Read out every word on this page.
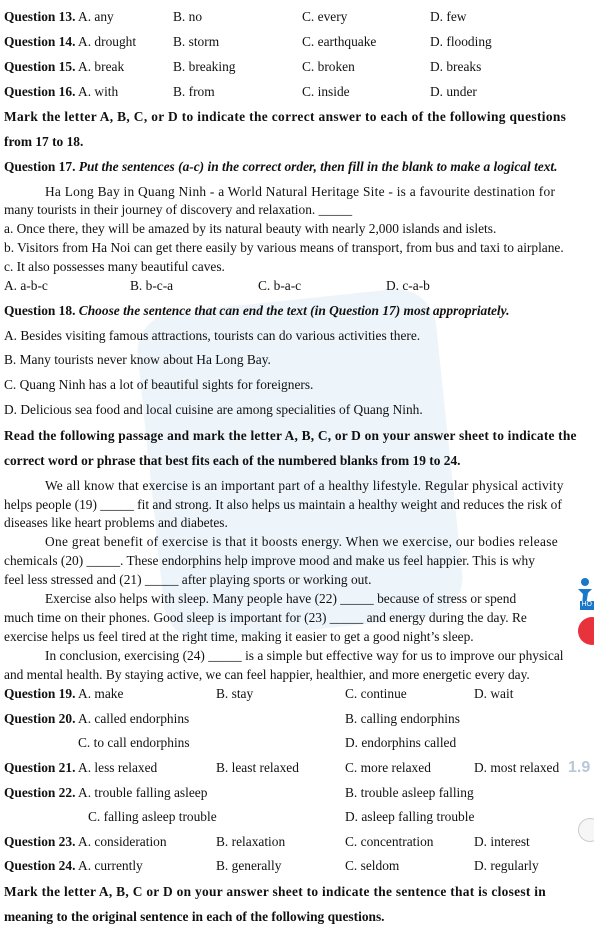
Question 13. A. any	B. no	C. every	D. few
Question 14. A. drought	B. storm	C. earthquake	D. flooding
Question 15. A. break	B. breaking	C. broken	D. breaks
Question 16. A. with	B. from	C. inside	D. under
Mark the letter A, B, C, or D to indicate the correct answer to each of the following questions
from 17 to 18.
Question 17. Put the sentences (a-c) in the correct order, then fill in the blank to make a logical text.
Ha Long Bay in Quang Ninh - a World Natural Heritage Site - is a favourite destination for
many tourists in their journey of discovery and relaxation. _____
a. Once there, they will be amazed by its natural beauty with nearly 2,000 islands and islets.
b. Visitors from Ha Noi can get there easily by various means of transport, from bus and taxi to airplane.
c. It also possesses many beautiful caves.
A. a-b-c	B. b-c-a	C. b-a-c	D. c-a-b
Question 18. Choose the sentence that can end the text (in Question 17) most appropriately.
A. Besides visiting famous attractions, tourists can do various activities there.
B. Many tourists never know about Ha Long Bay.
C. Quang Ninh has a lot of beautiful sights for foreigners.
D. Delicious sea food and local cuisine are among specialities of Quang Ninh.
Read the following passage and mark the letter A, B, C, or D on your answer sheet to indicate the
correct word or phrase that best fits each of the numbered blanks from 19 to 24.
We all know that exercise is an important part of a healthy lifestyle. Regular physical activity
helps people (19) _____ fit and strong. It also helps us maintain a healthy weight and reduces the risk of
diseases like heart problems and diabetes.
One great benefit of exercise is that it boosts energy. When we exercise, our bodies release
chemicals (20) _____. These endorphins help improve mood and make us feel happier. This is why
feel less stressed and (21) _____ after playing sports or working out.
Exercise also helps with sleep. Many people have (22) _____ because of stress or spend
much time on their phones. Good sleep is important for (23) _____ and energy during the day. Re
exercise helps us feel tired at the right time, making it easier to get a good night’s sleep.
In conclusion, exercising (24) _____ is a simple but effective way for us to improve our physical
and mental health. By staying active, we can feel happier, healthier, and more energetic every day.
Question 19. A. make	B. stay	C. continue	D. wait
Question 20. A. called endorphins	B. calling endorphins
C. to call endorphins	D. endorphins called
Question 21. A. less relaxed	B. least relaxed	C. more relaxed	D. most relaxed 1.9
Question 22. A. trouble falling asleep	B. trouble asleep falling
C. falling asleep trouble	D. asleep falling trouble
Question 23. A. consideration	B. relaxation	C. concentration	D. interest
Question 24. A. currently	B. generally	C. seldom	D. regularly
Mark the letter A, B, C or D on your answer sheet to indicate the sentence that is closest in
meaning to the original sentence in each of the following questions.
HO
